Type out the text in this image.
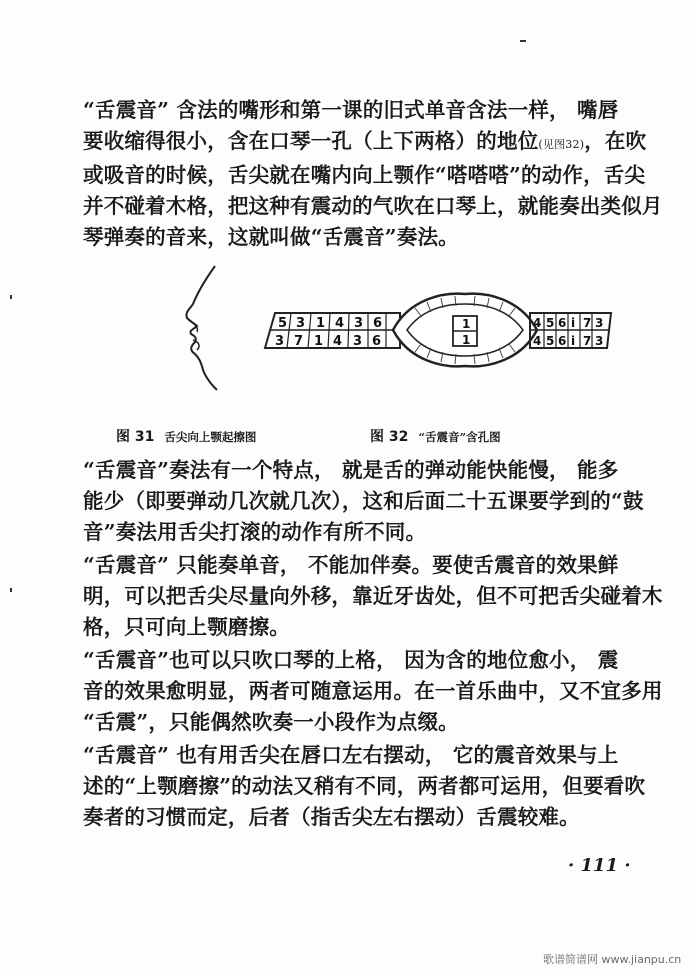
“舌震音” 含法的嘴形和第一课的旧式单音含法一样， 嘴唇
要收缩得很小，含在口琴一孔（上下两格）的地位(见图32)，在吹
或吸音的时候，舌尖就在嘴内向上颚作“嗒嗒嗒”的动作，舌尖
并不碰着木格，把这种有震动的气吹在口琴上，就能奏出类似月
琴弹奏的音来，这就叫做“舌震音”奏法。
5 3 1 4 3 6
3 7 1 4 3 6
1
1
4 5 6 i 7 3
4 5 6 i 7 3
图 31 舌尖向上颚起擦图	图 32 “舌震音”含孔图
“舌震音”奏法有一个特点， 就是舌的弹动能快能慢， 能多
能少（即要弹动几次就几次），这和后面二十五课要学到的“鼓
音”奏法用舌尖打滚的动作有所不同。
“舌震音” 只能奏单音， 不能加伴奏。要使舌震音的效果鲜
明，可以把舌尖尽量向外移，靠近牙齿处，但不可把舌尖碰着木
格，只可向上颚磨擦。
“舌震音”也可以只吹口琴的上格， 因为含的地位愈小， 震
音的效果愈明显，两者可随意运用。在一首乐曲中，又不宜多用
“舌震”，只能偶然吹奏一小段作为点缀。
“舌震音” 也有用舌尖在唇口左右摆动， 它的震音效果与上
述的“上颚磨擦”的动法又稍有不同，两者都可运用，但要看吹
奏者的习惯而定，后者（指舌尖左右摆动）舌震较难。
· 111 ·
歌谱简谱网 www.jianpu.cn
